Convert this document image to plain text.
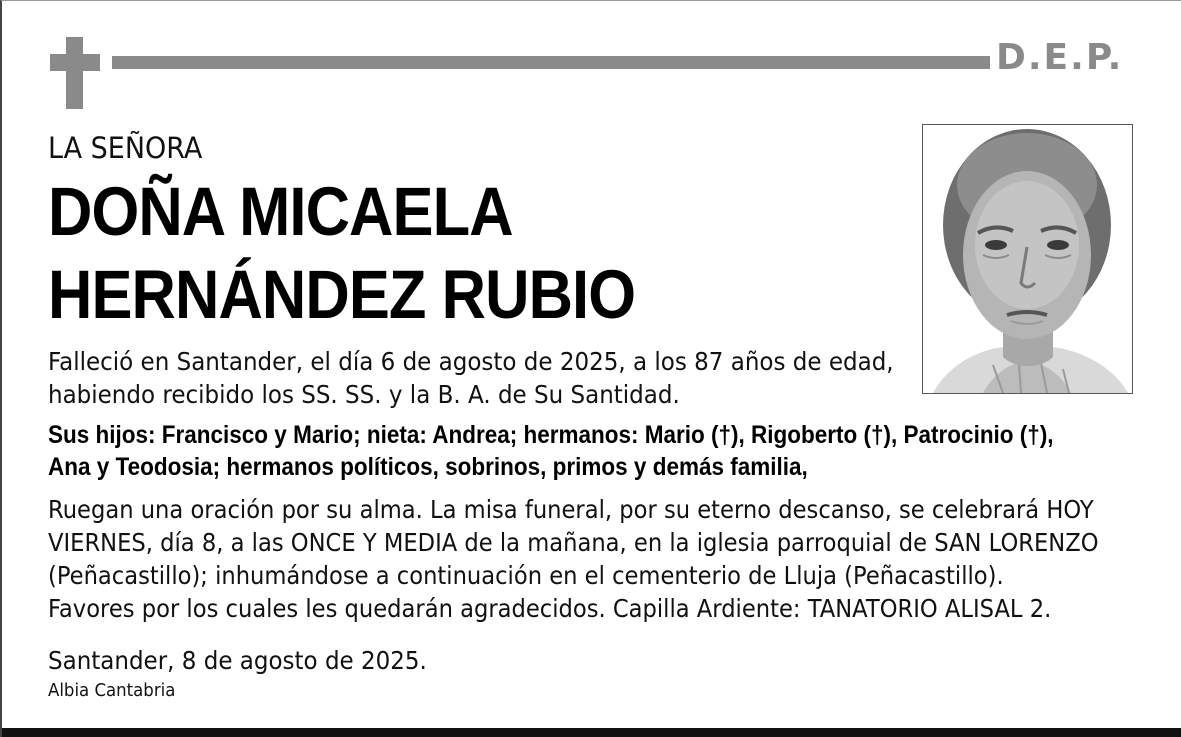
D.E.P.
LA SEÑORA
DOÑA MICAELA
HERNÁNDEZ RUBIO
Falleció en Santander, el día 6 de agosto de 2025, a los 87 años de edad,
habiendo recibido los SS. SS. y la B. A. de Su Santidad.
Sus hijos: Francisco y Mario; nieta: Andrea; hermanos: Mario (†), Rigoberto (†), Patrocinio (†),
Ana y Teodosia; hermanos políticos, sobrinos, primos y demás familia,
Ruegan una oración por su alma. La misa funeral, por su eterno descanso, se celebrará HOY
VIERNES, día 8, a las ONCE Y MEDIA de la mañana, en la iglesia parroquial de SAN LORENZO
(Peñacastillo); inhumándose a continuación en el cementerio de Lluja (Peñacastillo).
Favores por los cuales les quedarán agradecidos. Capilla Ardiente: TANATORIO ALISAL 2.
Santander, 8 de agosto de 2025.
Albia Cantabria
